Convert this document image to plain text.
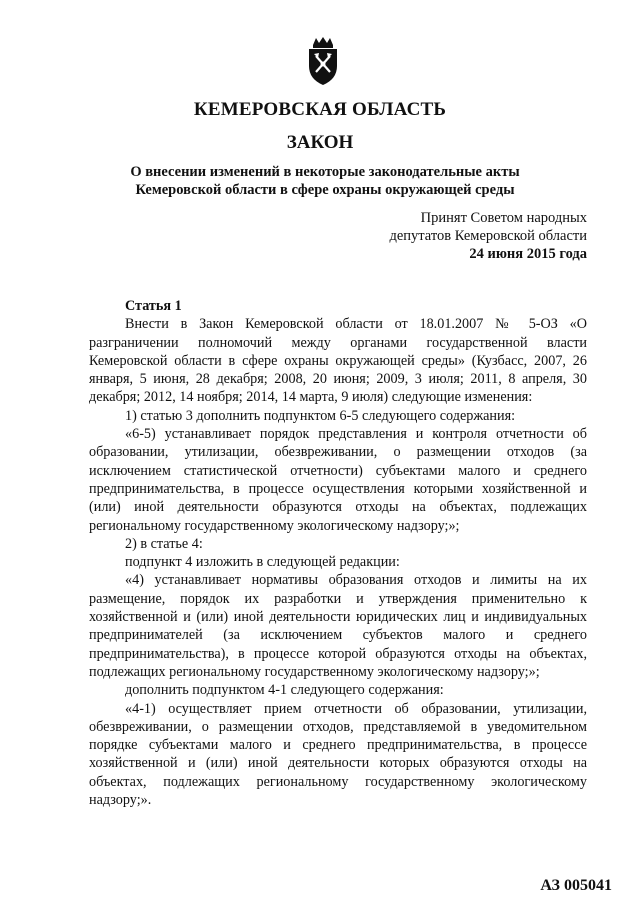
КЕМЕРОВСКАЯ ОБЛАСТЬ
ЗАКОН
О внесении изменений в некоторые законодательные акты
Кемеровской области в сфере охраны окружающей среды
Принят Советом народных
депутатов Кемеровской области
24 июня 2015 года
Статья 1

Внести в Закон Кемеровской области от 18.01.2007 № 5-ОЗ «О разграничении полномочий между органами государственной власти Кемеровской области в сфере охраны окружающей среды» (Кузбасс, 2007, 26 января, 5 июня, 28 декабря; 2008, 20 июня; 2009, 3 июля; 2011, 8 апреля, 30 декабря; 2012, 14 ноября; 2014, 14 марта, 9 июля) следующие изменения:

1) статью 3 дополнить подпунктом 6-5 следующего содержания:

«6-5) устанавливает порядок представления и контроля отчетности об образовании, утилизации, обезвреживании, о размещении отходов (за исключением статистической отчетности) субъектами малого и среднего предпринимательства, в процессе осуществления которыми хозяйственной и (или) иной деятельности образуются отходы на объектах, подлежащих региональному государственному экологическому надзору;»;

2) в статье 4:

подпункт 4 изложить в следующей редакции:

«4) устанавливает нормативы образования отходов и лимиты на их размещение, порядок их разработки и утверждения применительно к хозяйственной и (или) иной деятельности юридических лиц и индивидуальных предпринимателей (за исключением субъектов малого и среднего предпринимательства), в процессе которой образуются отходы на объектах, подлежащих региональному государственному экологическому надзору;»;

дополнить подпунктом 4-1 следующего содержания:

«4-1) осуществляет прием отчетности об образовании, утилизации, обезвреживании, о размещении отходов, представляемой в уведомительном порядке субъектами малого и среднего предпринимательства, в процессе хозяйственной и (или) иной деятельности которых образуются отходы на объектах, подлежащих региональному государственному экологическому надзору;».

АЗ 005041
